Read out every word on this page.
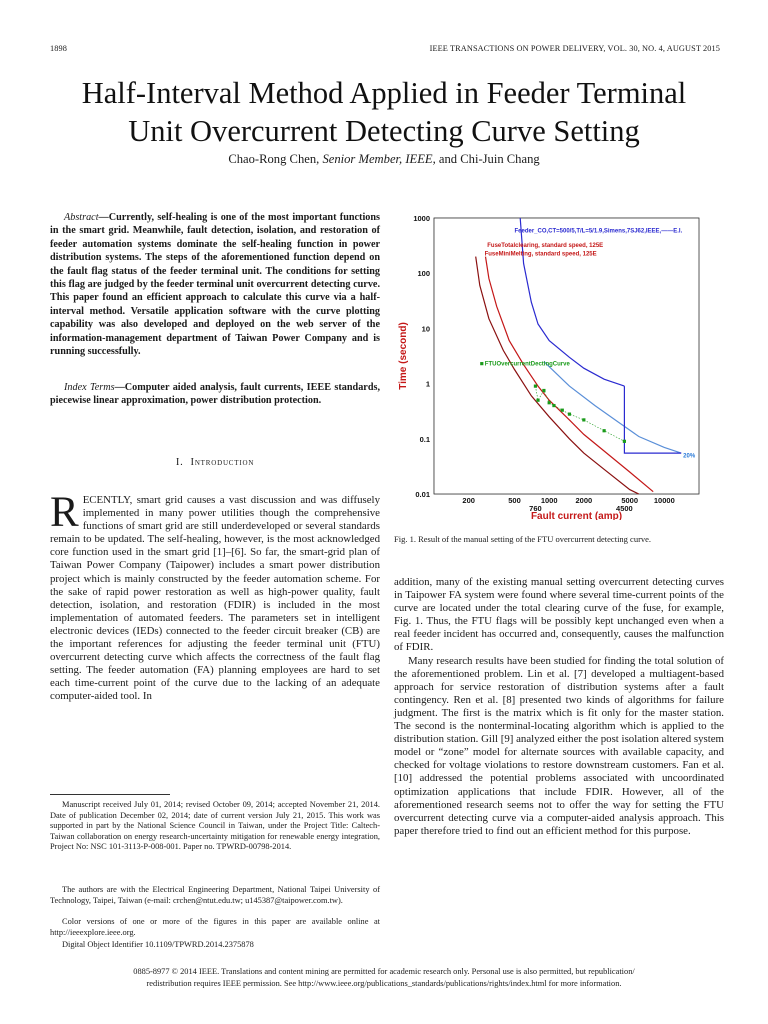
1898	IEEE TRANSACTIONS ON POWER DELIVERY, VOL. 30, NO. 4, AUGUST 2015
Half-Interval Method Applied in Feeder Terminal
Unit Overcurrent Detecting Curve Setting
Chao-Rong Chen, Senior Member, IEEE, and Chi-Juin Chang
Abstract—Currently, self-healing is one of the most important functions in the smart grid. Meanwhile, fault detection, isolation, and restoration of feeder automation systems dominate the self-healing function in power distribution systems. The steps of the aforementioned function depend on the fault flag status of the feeder terminal unit. The conditions for setting this flag are judged by the feeder terminal unit overcurrent detecting curve. This paper found an efficient approach to calculate this curve via a half-interval method. Versatile application software with the curve plotting capability was also developed and deployed on the web server of the information-management department of Taiwan Power Company and is running successfully.
Index Terms—Computer aided analysis, fault currents, IEEE standards, piecewise linear approximation, power distribution protection.
I. Introduction
RECENTLY, smart grid causes a vast discussion and was diffusely implemented in many power utilities though the comprehensive functions of smart grid are still underdeveloped or several standards remain to be updated. The self-healing, however, is the most acknowledged core function used in the smart grid [1]–[6]. So far, the smart-grid plan of Taiwan Power Company (Taipower) includes a smart power distribution project which is mainly constructed by the feeder automation scheme. For the sake of rapid power restoration as well as high-power quality, fault detection, isolation, and restoration (FDIR) is included in the most implementation of automated feeders. The parameters set in intelligent electronic devices (IEDs) connected to the feeder circuit breaker (CB) are the important references for adjusting the feeder terminal unit (FTU) overcurrent detecting curve which affects the correctness of the fault flag setting. The feeder automation (FA) planning employees are hard to set each time-current point of the curve due to the lacking of an adequate computer-aided tool. In
Manuscript received July 01, 2014; revised October 09, 2014; accepted November 21, 2014. Date of publication December 02, 2014; date of current version July 21, 2015. This work was supported in part by the National Science Council in Taiwan, under the Project Title: Caltech-Taiwan collaboration on energy research-uncertainty mitigation for renewable energy integration, Project No: NSC 101-3113-P-008-001. Paper no. TPWRD-00798-2014.
The authors are with the Electrical Engineering Department, National Taipei University of Technology, Taipei, Taiwan (e-mail: crchen@ntut.edu.tw; u145387@taipower.com.tw).
Color versions of one or more of the figures in this paper are available online at http://ieeexplore.ieee.org.
Digital Object Identifier 10.1109/TPWRD.2014.2375878
200	500	1000 2000	5000 10000
0.01
0.1
1
10
100
1000
760	4500
Fault current (amp)
Time (second)
Feeder_CO,CT=500/5,T/L=5/1.9,Simens,7SJ62,IEEE,——E.I.
FuseTotalclearing, standard speed, 125E
FuseMiniMelting, standard speed, 125E
FTUOvercurrentDectingCurve
20%
Fig. 1. Result of the manual setting of the FTU overcurrent detecting curve.

addition, many of the existing manual setting overcurrent detecting curves in Taipower FA system were found where several time-current points of the curve are located under the total clearing curve of the fuse, for example, Fig. 1. Thus, the FTU flags will be possibly kept unchanged even when a real feeder incident has occurred and, consequently, causes the malfunction of FDIR.

Many research results have been studied for finding the total solution of the aforementioned problem. Lin et al. [7] developed a multiagent-based approach for service restoration of distribution systems after a fault contingency. Ren et al. [8] presented two kinds of algorithms for failure judgment. The first is the matrix which is fit only for the master station. The second is the nonterminal-locating algorithm which is applied to the distribution station. Gill [9] analyzed either the post isolation altered system model or “zone” model for alternate sources with available capacity, and checked for voltage violations to restore downstream customers. Fan et al. [10] addressed the potential problems associated with uncoordinated optimization applications that include FDIR. However, all of the aforementioned research seems not to offer the way for setting the FTU overcurrent detecting curve via a computer-aided analysis approach. This paper therefore tried to find out an efficient method for this purpose.

0885-8977 © 2014 IEEE. Translations and content mining are permitted for academic research only. Personal use is also permitted, but republication/
redistribution requires IEEE permission. See http://www.ieee.org/publications_standards/publications/rights/index.html for more information.
